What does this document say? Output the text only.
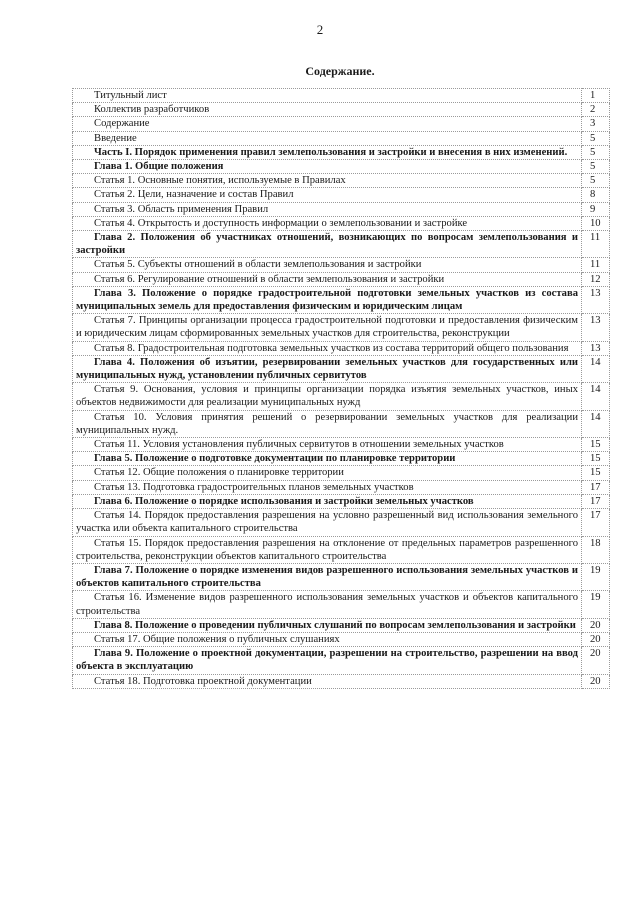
2
Содержание.
Титульный лист	1
Коллектив разработчиков	2
Содержание	3
Введение	5
Часть I. Порядок применения правил землепользования и застройки и внесения в них изменений.	5
Глава 1. Общие положения	5
Статья 1. Основные понятия, используемые в Правилах	5
Статья 2. Цели, назначение и состав Правил	8
Статья 3. Область применения Правил	9
Статья 4. Открытость и доступность информации о землепользовании и застройке	10
Глава 2. Положения об участниках отношений, возникающих по вопросам землепользования и застройки	11
Статья 5. Субъекты отношений в области землепользования и застройки	11
Статья 6. Регулирование отношений в области землепользования и застройки	12
Глава 3. Положение о порядке градостроительной подготовки земельных участков из состава муниципальных земель для предоставления физическим и юридическим лицам	13
Статья 7. Принципы организации процесса градостроительной подготовки и предоставления физическим и юридическим лицам сформированных земельных участков для строительства, реконструкции	13
Статья 8. Градостроительная подготовка земельных участков из состава территорий общего пользования	13
Глава 4. Положения об изъятии, резервировании земельных участков для государственных или муниципальных нужд, установлении публичных сервитутов	14
Статья 9. Основания, условия и принципы организации порядка изъятия земельных участков, иных объектов недвижимости для реализации муниципальных нужд	14
Статья 10. Условия принятия решений о резервировании земельных участков для реализации муниципальных нужд.	14
Статья 11. Условия установления публичных сервитутов в отношении земельных участков	15
Глава 5. Положение о подготовке документации по планировке территории	15
Статья 12. Общие положения о планировке территории	15
Статья 13. Подготовка градостроительных планов земельных участков	17
Глава 6. Положение о порядке использования и застройки земельных участков	17
Статья 14. Порядок предоставления разрешения на условно разрешенный вид использования земельного участка или объекта капитального строительства	17
Статья 15. Порядок предоставления разрешения на отклонение от предельных параметров разрешенного строительства, реконструкции объектов капитального строительства	18
Глава 7. Положение о порядке изменения видов разрешенного использования земельных участков и объектов капитального строительства	19
Статья 16. Изменение видов разрешенного использования земельных участков и объектов капитального строительства	19
Глава 8. Положение о проведении публичных слушаний по вопросам землепользования и застройки	20
Статья 17. Общие положения о публичных слушаниях	20
Глава 9. Положение о проектной документации, разрешении на строительство, разрешении на ввод объекта в эксплуатацию	20
Статья 18. Подготовка проектной документации	20
